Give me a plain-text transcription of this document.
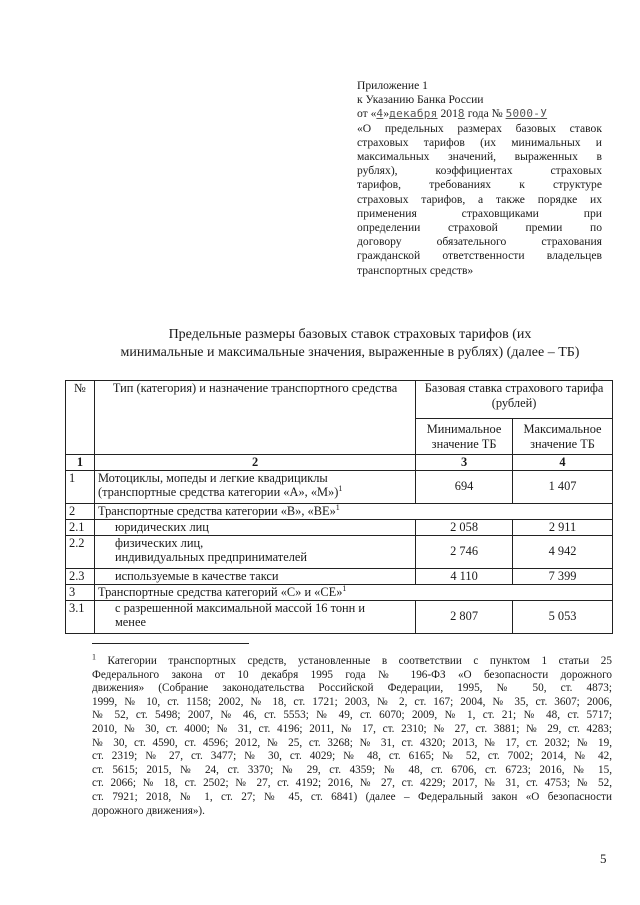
Приложение 1
к Указанию Банка России
от «4»декабря 2018 года № 5000-У
«О предельных размерах базовых ставок
страховых тарифов (их минимальных и
максимальных значений, выраженных в
рублях), коэффициентах страховых
тарифов, требованиях к структуре
страховых тарифов, а также порядке их
применения страховщиками при
определении страховой премии по
договору обязательного страхования
гражданской ответственности владельцев
транспортных средств»
Предельные размеры базовых ставок страховых тарифов (их
минимальные и максимальные значения, выраженные в рублях) (далее – ТБ)
№	Тип (категория) и назначение транспортного средства	Базовая ставка страхового тарифа (рублей)	
		Минимальное значение ТБ	Максимальное значение ТБ
1	2	3	4
1	Мотоциклы, мопеды и легкие квадрициклы
(транспортные средства категории «А», «М»)$^1$	694	1 407
2	Транспортные средства категории «В», «ВЕ»$^1$
2.1	юридических лиц	2 058	2 911
2.2	физических лиц,
индивидуальных предпринимателей	2 746	4 942
2.3	используемые в качестве такси	4 110	7 399
3	Транспортные средства категорий «С» и «СЕ»$^1$
3.1	с разрешенной максимальной массой 16 тонн и
менее	2 807	5 053
$^1$ Категории транспортных средств, установленные в соответствии с пунктом 1 статьи 25
Федерального закона от 10 декабря 1995 года № 196-ФЗ «О безопасности дорожного
движения» (Собрание законодательства Российской Федерации, 1995, № 50, ст. 4873;
1999, № 10, ст. 1158; 2002, № 18, ст. 1721; 2003, № 2, ст. 167; 2004, № 35, ст. 3607; 2006,
№ 52, ст. 5498; 2007, № 46, ст. 5553; № 49, ст. 6070; 2009, № 1, ст. 21; № 48, ст. 5717;
2010, № 30, ст. 4000; № 31, ст. 4196; 2011, № 17, ст. 2310; № 27, ст. 3881; № 29, ст. 4283;
№ 30, ст. 4590, ст. 4596; 2012, № 25, ст. 3268; № 31, ст. 4320; 2013, № 17, ст. 2032; № 19,
ст. 2319; № 27, ст. 3477; № 30, ст. 4029; № 48, ст. 6165; № 52, ст. 7002; 2014, № 42,
ст. 5615; 2015, № 24, ст. 3370; № 29, ст. 4359; № 48, ст. 6706, ст. 6723; 2016, № 15,
ст. 2066; № 18, ст. 2502; № 27, ст. 4192; 2016, № 27, ст. 4229; 2017, № 31, ст. 4753; № 52,
ст. 7921; 2018, № 1, ст. 27; № 45, ст. 6841) (далее – Федеральный закон «О безопасности
дорожного движения»).
5
